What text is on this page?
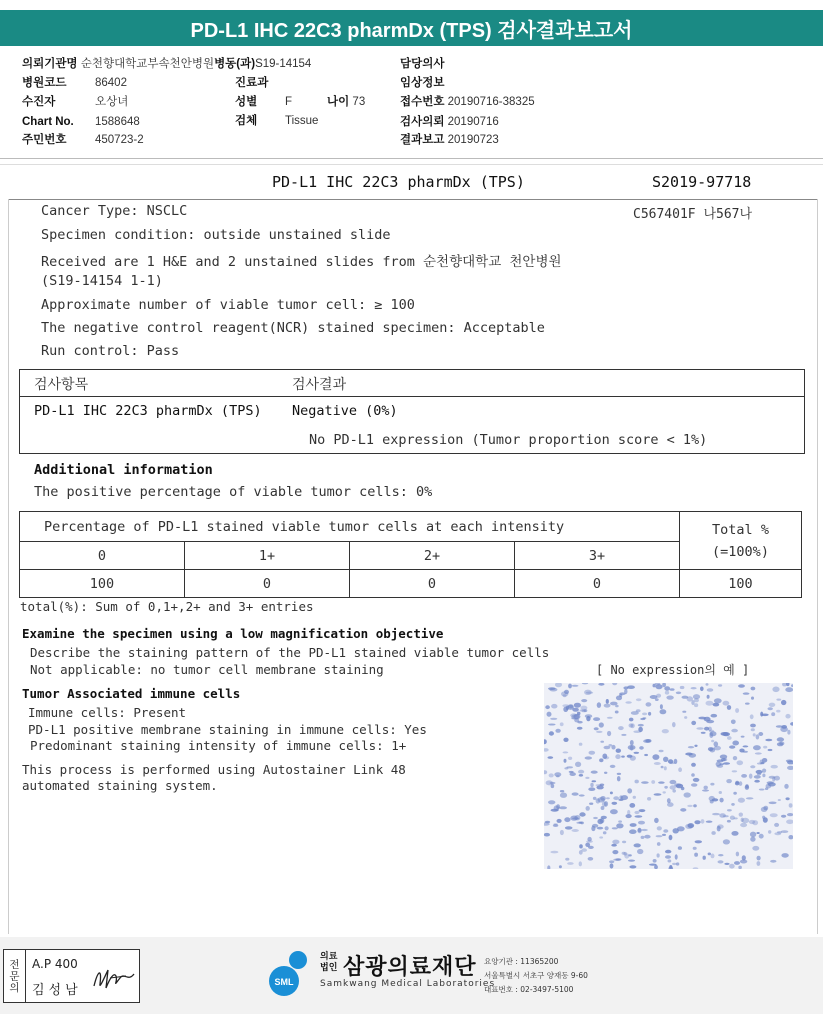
PD-L1 IHC 22C3 pharmDx (TPS) 검사결과보고서
의뢰기관명 순천향대학교부속천안병원병동(과)S19-14154	담당의사
병원코드 86402	진료과	임상정보
수진자	오상녀	성별 F	나이 73	접수번호 20190716-38325
Chart No. 1588648	검체 Tissue	검사의뢰 20190716
주민번호 450723-2	결과보고 20190723
PD-L1 IHC 22C3 pharmDx (TPS)	S2019-97718
C567401F 나567나
Cancer Type: NSCLC
Specimen condition: outside unstained slide
Received are 1 H&E and 2 unstained slides from 순천향대학교 천안병원
(S19-14154 1-1)
Approximate number of viable tumor cell: ≥ 100
The negative control reagent(NCR) stained specimen: Acceptable
Run control: Pass
검사항목	검사결과
PD-L1 IHC 22C3 pharmDx (TPS) Negative (0%)
No PD-L1 expression (Tumor proportion score < 1%)
Additional information
The positive percentage of viable tumor cells: 0%
Percentage of PD-L1 stained viable tumor cells at each intensity				Total %
(=100%)

0	1+	2+	3+	
100	0	0	0	100
total(%): Sum of 0,1+,2+ and 3+ entries
Examine the specimen using a low magnification objective
Describe the staining pattern of the PD-L1 stained viable tumor cells
Not applicable: no tumor cell membrane staining
Tumor Associated immune cells
Immune cells: Present
PD-L1 positive membrane staining in immune cells: Yes
Predominant staining intensity of immune cells: 1+
This process is performed using Autostainer Link 48
automated staining system.
[ No expression의 예 ]
전문의	A.P 400
김성남
SML
의료
법인 삼광의료재단
Samkwang Medical Laboratories
요양기관 : 11365200
서울특별시 서초구 양재동 9-60
대표번호 : 02-3497-5100
